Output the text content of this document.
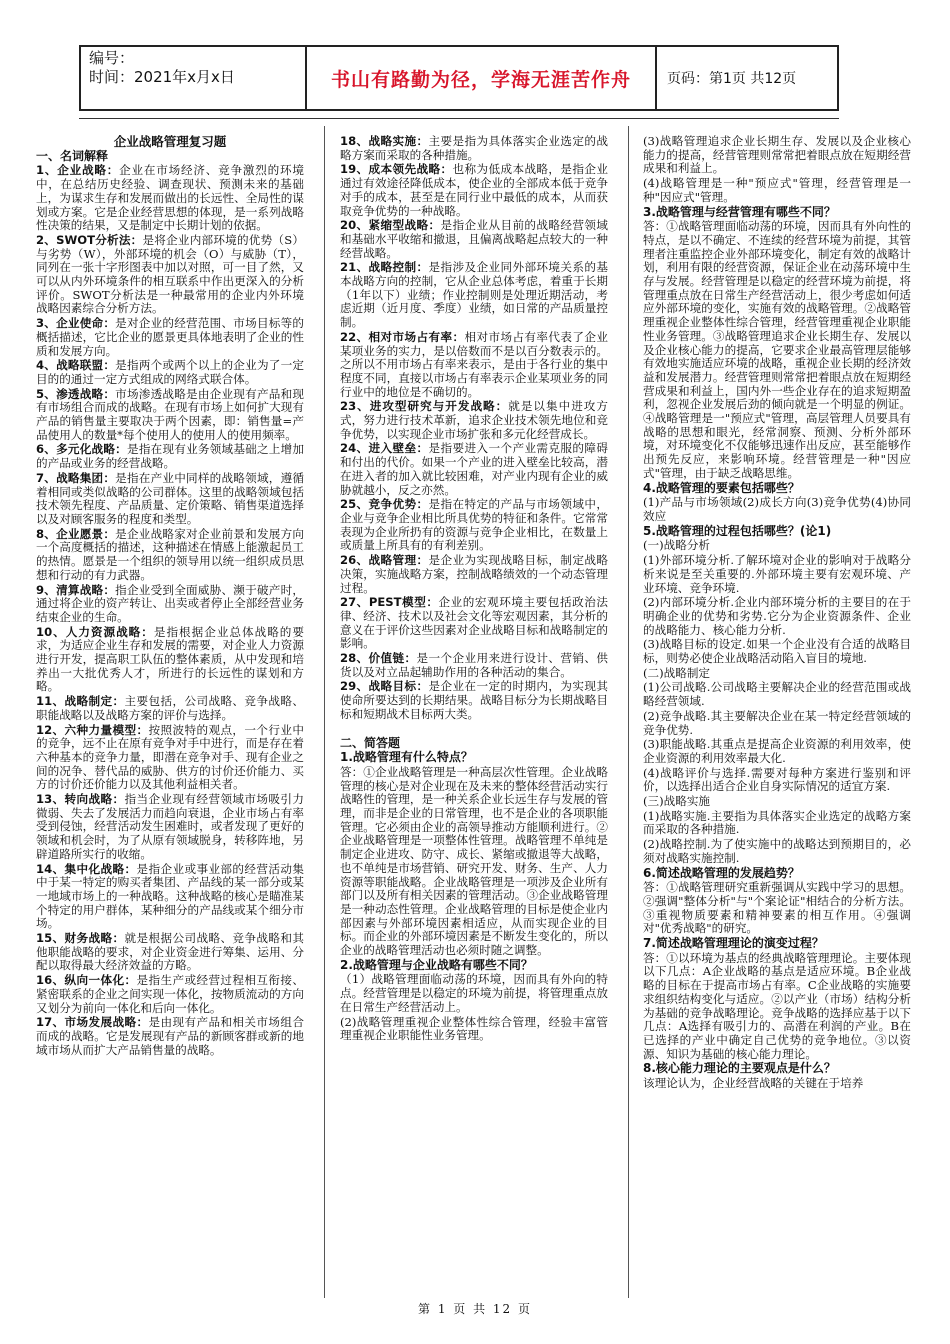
编号：
时间：2021年x月x日	书山有路勤为径，学海无涯苦作舟	页码：第1页 共12页

企业战略管理复习题

一、名词解释

1、企业战略：企业在市场经济、竞争激烈的环境中，在总结历史经验、调查现状、预测未来的基础上，为谋求生存和发展而做出的长远性、全局性的谋划或方案。它是企业经营思想的体现，是一系列战略性决策的结果，又是制定中长期计划的依据。

2、SWOT分析法：是将企业内部环境的优势（S）与劣势（W），外部环境的机会（O）与威胁（T），同列在一张十字形图表中加以对照，可一目了然，又可以从内外环境条件的相互联系中作出更深入的分析评价。SWOT分析法是一种最常用的企业内外环境战略因素综合分析方法。

3、企业使命：是对企业的经营范围、市场目标等的概括描述，它比企业的愿景更具体地表明了企业的性质和发展方向。

4、战略联盟：是指两个或两个以上的企业为了一定目的的通过一定方式组成的网络式联合体。

5、渗透战略：市场渗透战略是由企业现有产品和现有市场组合而成的战略。在现有市场上如何扩大现有产品的销售量主要取决于两个因素，即：销售量=产品使用人的数量*每个使用人的使用人的使用频率。

6、多元化战略：是指在现有业务领域基础之上增加的产品或业务的经营战略。

7、战略集团：是指在产业中同样的战略领域，遵循着相同或类似战略的公司群体。这里的战略领域包括技术领先程度、产品质量、定价策略、销售渠道选择以及对顾客服务的程度和类型。

8、企业愿景：是企业战略家对企业前景和发展方向一个高度概括的描述，这种描述在情感上能激起员工的热情。愿景是一个组织的领导用以统一组织成员思想和行动的有力武器。

9、清算战略：指企业受到全面威胁、濒于破产时，通过将企业的资产转让、出卖或者停止全部经营业务结束企业的生命。

10、人力资源战略：是指根据企业总体战略的要求，为适应企业生存和发展的需要，对企业人力资源进行开发，提高职工队伍的整体素质，从中发现和培养出一大批优秀人才，所进行的长远性的谋划和方略。

11、战略制定：主要包括，公司战略、竞争战略、职能战略以及战略方案的评价与选择。

12、六种力量模型：按照波特的观点，一个行业中的竞争，远不止在原有竞争对手中进行，而是存在着六种基本的竞争力量，即潜在竞争对手、现有企业之间的况争、替代品的威胁、供方的讨价还价能力、买方的讨价还价能力以及其他利益相关者。

13、转向战略：指当企业现有经营领域市场吸引力微弱、失去了发展活力而趋向衰退，企业市场占有率受到侵蚀，经营活动发生困难时，或者发现了更好的领域和机会时，为了从原有领域脱身，转移阵地，另辟道路所实行的收缩。

14、集中化战略：是指企业或事业部的经营活动集中于某一特定的购买者集团、产品线的某一部分或某一地域市场上的一种战略。这种战略的核心是瞄准某个特定的用户群体，某种细分的产品线或某个细分市场。

15、财务战略：就是根据公司战略、竞争战略和其他职能战略的要求，对企业资金进行筹集、运用、分配以取得最大经济效益的方略。

16、纵向一体化：是指生产或经营过程相互衔接、紧密联系的企业之间实现一体化，按物质流动的方向又划分为前向一体化和后向一体化。

17、市场发展战略：是由现有产品和相关市场组合而成的战略。它是发展现有产品的新顾客群或新的地域市场从而扩大产品销售量的战略。

18、战略实施：主要是指为具体落实企业选定的战略方案而采取的各种措施。

19、成本领先战略：也称为低成本战略，是指企业通过有效途径降低成本，使企业的全部成本低于竞争对手的成本，甚至是在同行业中最低的成本，从而获取竞争优势的一种战略。

20、紧缩型战略：是指企业从目前的战略经营领域和基础水平收缩和撤退，且偏离战略起点较大的一种经营战略。

21、战略控制：是指涉及企业同外部环境关系的基本战略方向的控制，它从企业总体考虑，着重于长期（1年以下）业绩；作业控制则是处理近期活动，考虑近期（近月度、季度）业绩，如日常的产品质量控制。

22、相对市场占有率：相对市场占有率代表了企业某项业务的实力，是以倍数而不是以百分数表示的。之所以不用市场占有率来表示，是由于各行业的集中程度不同，直接以市场占有率表示企业某项业务的同行业中的地位是不确切的。

23、进攻型研究与开发战略：就是以集中进攻方式，努力进行技术革新，追求企业技术领先地位和竞争优势，以实现企业市场扩张和多元化经营成长。

24、进入壁垒：是指要进入一个产业需克服的障碍和付出的代价。如果一个产业的进入壁垒比较高，潜在进入者的加入就比较困难，对产业内现有企业的威胁就越小，反之亦然。

25、竞争优势：是指在特定的产品与市场领域中，企业与竞争企业相比所具优势的特征和条件。它常常表现为企业所扔有的资源与竞争企业相比，在数量上或质量上所具有的有利差别。

26、战略管理：是企业为实现战略目标，制定战略决策，实施战略方案，控制战略绩效的一个动态管理过程。

27、PEST模型：企业的宏观环境主要包括政治法律、经济、技术以及社会文化等宏观因素，其分析的意义在于评价这些因素对企业战略目标和战略制定的影响。

28、价值链：是一个企业用来进行设计、营销、供货以及对立品起辅助作用的各种活动的集合。

29、战略目标：是企业在一定的时期内，为实现其使命所要达到的长期结果。战略目标分为长期战略目标和短期战术目标两大类。

二、简答题

1.战略管理有什么特点？

答：①企业战略管理是一种高层次性管理。企业战略管理的核心是对企业现在及未来的整体经营活动实行战略性的管理，是一种关系企业长远生存与发展的管理，而非是企业的日常管理，也不是企业的各项职能管理。它必须由企业的高领导推动方能顺利进行。②企业战略管理是一项整体性管理。战略管理不单纯是制定企业进攻、防守、成长、紧缩或撤退等大战略，也不单纯是市场营销、研究开发、财务、生产、人力资源等职能战略。企业战略管理是一项涉及企业所有部门以及所有相关因素的管理活动。③企业战略管理是一种动态性管理。企业战略管理的目标是使企业内部因素与外部环境因素相适应，从而实现企业的目标。而企业的外部环境因素是不断发生变化的，所以企业的战略管理活动也必须时随之调整。

2.战略管理与企业战略有哪些不同？

（1）战略管理面临动荡的环境，因而具有外向的特点。经营管理是以稳定的环境为前提，将管理重点放在日常生产经营活动上。

(2)战略管理重视企业整体性综合管理，经验丰富管理重视企业职能性业务管理。

(3)战略管理追求企业长期生存、发展以及企业核心能力的提高，经营管理则常常把着眼点放在短期经营成果和利益上。

(4)战略管理是一种"预应式"管理，经营管理是一种"因应式"管理。

3.战略管理与经营管理有哪些不同？

答：①战略管理面临动荡的环境，因而具有外向性的特点，是以不确定、不连续的经营环境为前提，其管理者注重监控企业外部环境变化，制定有效的战略计划，利用有限的经营资源，保证企业在动荡环境中生存与发展。经营管理是以稳定的经营环境为前提，将管理重点放在日常生产经营活动上，很少考虑如何适应外部环境的变化，实施有效的战略管理。②战略管理重视企业整体性综合管理，经营管理重视企业职能性业务管理。③战略管理追求企业长期生存、发展以及企业核心能力的提高，它要求企业最高管理层能够有效地实施适应环境的战略，重视企业长期的经济效益和发展潜力。经营管理则常常把着眼点放在短期经营成果和利益上，国内外一些企业存在的追求短期盈利，忽视企业发展后劲的倾向就是一个明显的例证。④战略管理是一"预应式"管理，高层管理人员要具有战略的思想和眼光，经常洞察、预测、分析外部环境，对环境变化不仅能够迅速作出反应，甚至能够作出预先反应，来影响环境。经营管理是一种"因应式"管理，由于缺乏战略思维。

4.战略管理的要素包括哪些？

(1)产品与市场领域(2)成长方向(3)竞争优势(4)协同效应

5.战略管理的过程包括哪些？(论1)

(一)战略分析

(1)外部环境分析.了解环境对企业的影响对于战略分析来说是至关重要的.外部环境主要有宏观环境、产业环境、竞争环境.

(2)内部环境分析.企业内部环境分析的主要目的在于明确企业的优势和劣势.它分为企业资源条件、企业的战略能力、核心能力分析.

(3)战略目标的设定.如果一个企业没有合适的战略目标，则势必使企业战略活动陷入盲目的境地.

(二)战略制定

(1)公司战略.公司战略主要解决企业的经营范围或战略经营领域.

(2)竞争战略.其主要解决企业在某一特定经营领域的竞争优势.

(3)职能战略.其重点是提高企业资源的利用效率，使企业资源的利用效率最大化.

(4)战略评价与选择.需要对每种方案进行鉴别和评价，以选择出适合企业自身实际情况的适宜方案.

(三)战略实施

(1)战略实施.主要指为具体落实企业选定的战略方案而采取的各种措施.

(2)战略控制.为了使实施中的战略达到预期目的，必须对战略实施控制.

6.简述战略管理的发展趋势？

答：①战略管理研究重新强调从实践中学习的思想。②强调"整体分析"与"个案论证"相结合的分析方法。③重视物质要素和精神要素的相互作用。④强调对"优秀战略"的研究。

7.简述战略管理理论的演变过程？

答：①以环境为基点的经典战略管理理论。主要体现以下几点：A企业战略的基点是适应环境。B企业战略的目标在于提高市场占有率。C企业战略的实施要求组织结构变化与适应。②以产业（市场）结构分析为基础的竞争战略理论。竞争战略的选择应基于以下几点：A选择有吸引力的、高潜在利润的产业。B在已选择的产业中确定自己优势的竞争地位。③以资源、知识为基础的核心能力理论。

8.核心能力理论的主要观点是什么？

该理论认为，企业经营战略的关键在于培养

第 1 页 共 12 页
